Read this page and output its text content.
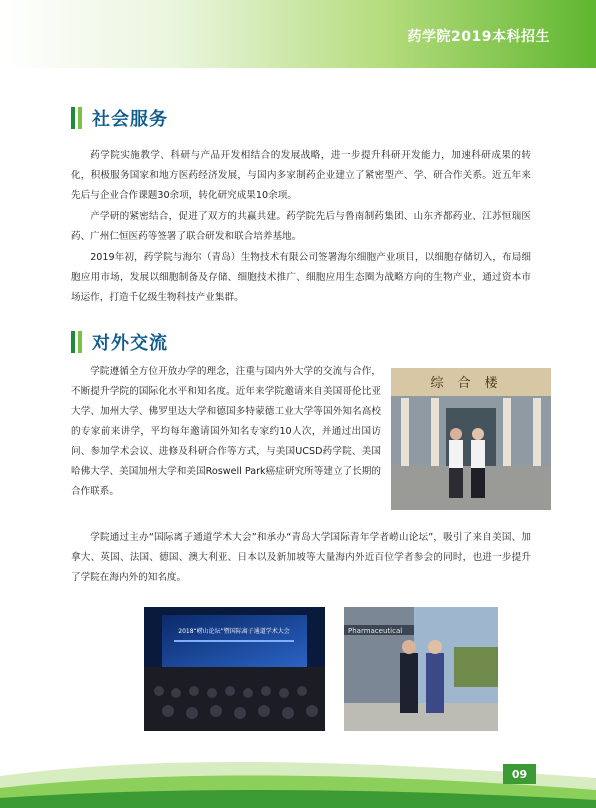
药学院2019本科招生
社会服务

药学院实施教学、科研与产品开发相结合的发展战略，进一步提升科研开发能力，加速科研成果的转化，积极服务国家和地方医药经济发展，与国内多家制药企业建立了紧密型产、学、研合作关系。近五年来先后与企业合作课题30余项，转化研究成果10余项。

产学研的紧密结合，促进了双方的共赢共建。药学院先后与鲁南制药集团、山东齐都药业、江苏恒瑞医药、广州仁恒医药等签署了联合研发和联合培养基地。

2019年初，药学院与海尔（青岛）生物技术有限公司签署海尔细胞产业项目，以细胞存储切入，布局细胞应用市场，发展以细胞制备及存储、细胞技术推广、细胞应用生态圈为战略方向的生物产业，通过资本市场运作，打造千亿级生物科技产业集群。

对外交流

学院遵循全方位开放办学的理念，注重与国内外大学的交流与合作，不断提升学院的国际化水平和知名度。近年来学院邀请来自美国哥伦比亚大学、加州大学、佛罗里达大学和德国多特蒙德工业大学等国外知名高校的专家前来讲学，平均每年邀请国外知名专家约10人次，并通过出国访问、参加学术会议、进修及科研合作等方式，与美国UCSD药学院、美国哈佛大学、美国加州大学和美国Roswell Park癌症研究所等建立了长期的合作联系。

学院通过主办“国际离子通道学术大会”和承办“青岛大学国际青年学者崂山论坛”，吸引了来自美国、加拿大、英国、法国、德国、澳大利亚、日本以及新加坡等大量海内外近百位学者参会的同时，也进一步提升了学院在海内外的知名度。

综合楼
2018“崂山论坛”暨国际离子通道学术大会	Pharmaceutical
09
